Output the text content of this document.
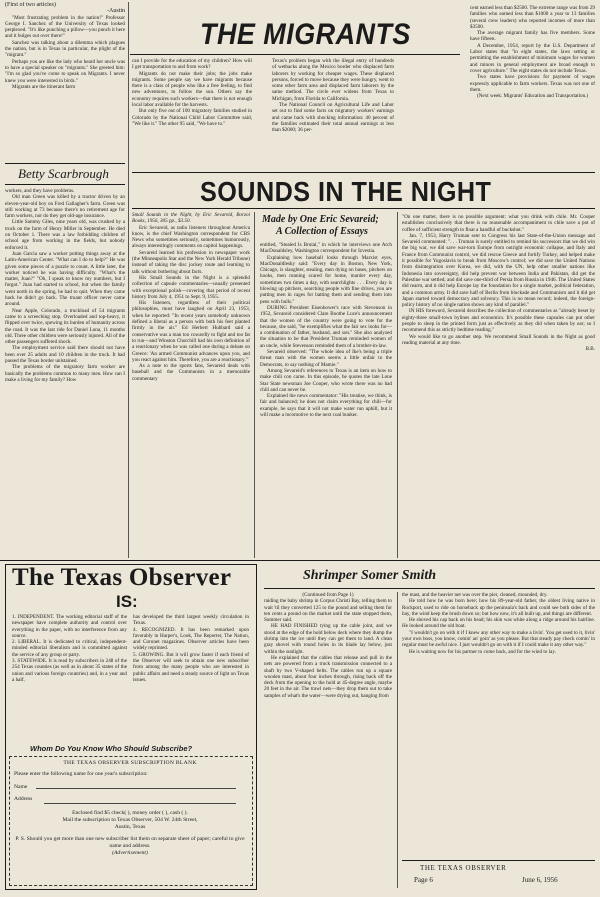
(First of two articles)

-Austin

"Most frustrating problem in the nation!" Professor George I. Sanchez of the University of Texas looked perplexed. "It's like punching a pillow—you punch it here and it bulges out over there!"

Sanchez was talking about a dilemma which plagues the nation, but is in Texas in particular, the plight of the "migrant."

Perhaps you are like the lady who heard her uncle was to have a special speaker on "migrants." She greeted him: "I'm so glad you've come to speak on Migrants. I never knew you were interested in birds."

Migrants are the itinerant farm

THE MIGRANTS
Betty Scarbrough

workers, and they have problems.

Old man Green was killed by a tractor driven by an eleven-year-old boy on Fred Gallagher's farm. Green was still working at 73 because there's no retirement age for farm workers, nor do they get old-age insurance.

Little Sammy Giles, nine years old, was crushed by a truck on the farm of Henry Miller in September. He died on October 1. There was a law forbidding children of school age from working in the fields, but nobody enforced it.

Juan Garcia saw a worker putting things away at the Latin-American Center. "What can I do to help?" He was given some pieces of a puzzle to count. A little later, the worker noticed he was having difficulty. "What's the matter, Juan?" "Oh, I speak to know my numbers, but I forgot." Juan had started to school, but when the family went north in the spring, he had to quit. When they came back he didn't go back. The truant officer never came around.

Near Apple, Colorado, a truckload of 54 migrants came to a screeching stop. Overloaded and top-heavy, it flipped over twice, spewing its burden of humanity across the road. It was the last ride for Daniel Luna, 11 months old. Three other children were seriously injured. All of the other passengers suffered shock.

The employment service said there should not have been over 25 adults and 10 children in the truck. It had passed the Texas border unlstained.

The problems of the migratory farm worker are basically the problems common to many men. How can I make a living for my family? How

can I provide for the education of my children? How will I get transportation to and from work?

Migrants do not make their jobs; the jobs make migrants. Some people say we have migrants because there is a class of people who like a free feeling, to find new adventures, to follow the sun. Others say the economy requires such workers—that there is not enough local labor available for the harvests.

But only five out of 100 migratory families studied in Colorado by the National Child Labor Committee said, "We like it." The other 95 said, "We have to."

Texas's problem began with the illegal entry of hundreds of wetbacks along the Mexico border who displaced farm laborers by working for cheaper wages. These displaced persons, forced to move because they were hungry, went to some other farm area and displaced farm laborers by the same method. The circle ever widens from Texas to Michigan, from Florida to California.

The National Council on Agricultural Life and Labor set out to find some facts on migratory workers' earnings and came back with shocking information: 40 percent of the families estimated their total annual earnings at less than $2000; 36 per-

cent earned less than $2500. The extreme range was from 29 families who earned less than $1000 a year to 13 families (several crew leaders) who reported incomes of more than $3500.

The average migrant family has five members. Some have fifteen.

A December, 1954, report by the U.S. Department of Labor states that "in eight states, the laws setting or permitting the establishment of minimum wages for women and minors in general employment are broad enough to cover agriculture." The eight states do not include Texas.

Two states have provisions for payment of wages expressly applicable to farm workers. Texas was not one of them.

(Next week: Migrants' Education and Transportation.)

SOUNDS IN THE NIGHT

Small Sounds in the Night, by Eric Sevareid, Borzoi Books, 1956, 305 pp., $3.50.

Eric Sevareid, as radio listeners throughout America know, is the chief Washington correspondent for CBS News who sometimes seriously, sometimes humorously, always interestingly comments on capitol happenings.

Sevareid learned his profession in newspaper work (the Minneapolis Star and the New York Herald Tribune) instead of taking the disc jockey route and learning to talk without bothering about facts.

His Small Sounds in the Night is a splendid collection of capsule commentaries—usually presented with exceptional polish—covering that period of recent history from July 4, 1951 to Sept. 9, 1955.

His listeners, regardless of their political philosophies, must have laughed on April 23, 1953, when he reported: "In recent years somebody unknown defined a liberal as a person with both his feet planted firmly in the air." Ed Herbert Hubbard said a conservative was a man too cowardly to fight and too fat to run—and Winston Churchill had his own definition of a reactionary when he was called one during a debate on Greece: 'An armed Communist advances upon you, and you react against him. Therefore, you are a reactionary.'"

As a note to the sports fans, Sevareid deals with baseball and the Communists in a memorable commentary

Made by One Eric Sevareid;
A Collection of Essays

entitled, "Stealed Is Brutal," in which he interviews one Arch MacDonaldsley, Washington correspondent for Izvestia.

Explaining how baseball looks through Marxist eyes, MacDonaldlesky said: "Every day in Boston, New York, Chicago, is slaughter, stealing, men dying on bases, pitchers on hooks, men running scared for home, murder every day, sometimes two times a day, with searchlights . . . Every day is blowing up pitchers, searching people with fine drives, you are putting men in cages for batting them and sending them into pens with bulls."

DURING President Eisenhower's race with Stevenson in 1952, Sevareid considered Clare Boothe Luce's announcement that the women of the country were going to vote for the because, she said, "he exemplifies what the fair sex looks for—a combination of father, husband, and son." She also analyzed the situation to be that President Truman reminded women of an uncle, while Stevenson reminded them of a brother-in-law.

Sevareid observed: "The whole idea of Ike's being a triple threat man with the women seems a little unfair to the Democrats, to say nothing of Mamie."

Among Sevareid's references to Texas is an item on how to make chili con carne. In this episode, he quotes the late Lone Star State newsman Joe Cooper, who wrote there was no bad chili and can never be.

Explained the news commentator: "His treatise, we think, is fair and balanced; he does not claim everything for chili—for example, he says that it will not make water run uphill, but it will make a locomotive to the next coal bunker.

"On one matter, there is no possible argument: what you drink with chile. Mr. Cooper establishes conclusively that there is no reasonable accompaniment to chile save a pot of coffee of sufficient strength to float a handful of buckshot."

Jan. 7, 1953, Harry Truman sent to Congress his last State-of-the-Union message and Sevareid commented: ". . . Truman is surely entitled to remind his successors that we did win the big war, we did save war-torn Europe from outright economic collapse, and Italy and France from Communist control, we did rescue Greece and fortify Turkey, and helped make it possible for Yugoslavia to break from Moscow's control; we did save the United Nations from disintegration over Korea, we did, with the UN, help other smaller nations like Indonesia into sovereignty, did help prevent war between India and Pakistan, did get the Palestine war settled; and did save one-third of Persia from Russia in 1946. The United States did rearm, and it did help Europe lay the foundation for a single market, political federation, and a common army. It did save half of Berlin from blockade and Communism and it did get Japan started toward democracy and solvency. This is no mean record; indeed, the foreign-policy history of no single nation shows any kind of parallel."

IN HIS foreword, Sevareid describes the collection of commentaries as "already beset by eighty-three small-town bylines and economics. It's possible these capsules can put other people to sleep in the printed form just as effectively as they did when taken by ear; so I recommend this as strictly bedtime reading."

We would like to go another step. We recommend Small Sounds in the Night as good reading material at any time.

B.B.

The Texas Observer
IS:

1. INDEPENDENT. The working editorial staff of the newspaper have complete authority and control over everything in the paper, with no interference from any source.

2. LIBERAL. It is dedicated to critical, independent-minded editorial liberalism and is committed against the service of any group or party.

3. STATEWIDE. It is read by subscribers in 248 of the 254 Texas counties (as well as in about 35 states of the union and various foreign countries) and, in a year and a half,

has developed the third largest weekly circulation in Texas.

4. RECOGNIZED. It has been remarked upon favorably in Harper's, Look, The Reporter, The Nation, and Coronet magazines. Observer articles have been widely reprinted.

5. GROWING. But it will grow faster if each friend of the Observer will seek to obtain one new subscriber from among the many people who are interested in public affairs and need a steady source of light on Texas issues.

Whom Do You Know Who Should Subscribe?

THE TEXAS OBSERVER SUBSCRIPTION BLANK

Please enter the following name for one year's subscription:

Name

Address

Enclosed find $5 check( ), money order ( ), cash ( ).

Mail the subscription to Texas Observer, 504 W. 24th Street,

Austin, Texas

P. S. Should you get more than one new subscriber list them on separate sheet of paper; careful to give name and address.

(Advertisement)

Shrimper Somer Smith

(Continued from Page 1)

raiding the baby shrimp in Corpus Christi Bay, telling them to wait 'til they converted 125 to the pound and selling them for ten cents a pound on the market until the state stopped them, Summer said.

HE HAD FINISHED tying up the cable joint, and we stood at the edge of the hold below deck where they dump the shrimp into the ice until they can get them to land. A clean gray shovel with round holes in its blade lay below, just within the sunlight.

He explained that the cables that release and pull in the nets are powered from a truck transmission connected to a shaft by two V-shaped belts. The cables run up a square wooden mast, about four inches through, rising back off the deck from the opening to the hold at 45-degree angle, maybe 20 feet in the air. The trawl nets—they drop them out to take samples of what's the water—were drying out, hanging from

the mast, and the heavier net was over the pier, cleaned, mounded, dry.

He told how he was born here; how his 89-year-old father, the oldest living native in Rockport, used to ride on horseback up the peninsula's back and could see both sides of the bay, the wind keep the brush down so; but how now, it's all built up, and things are different.

He shoved his cap back on his head; his skin was white along a ridge around his hairline. He looked around the old boat.

"I wouldn't go on with it if I knew any other way to make a livin'. You get used to it, livin' your own boss, you know, comin' an' goin' as you please. But that steady pay check comin' in regular must be awful nice. I just wouldn't go on with it if I could make it any other way."

He is waiting now for his partner to come back, and for the wind to lay.

THE TEXAS OBSERVER
Page 6	June 6, 1956
